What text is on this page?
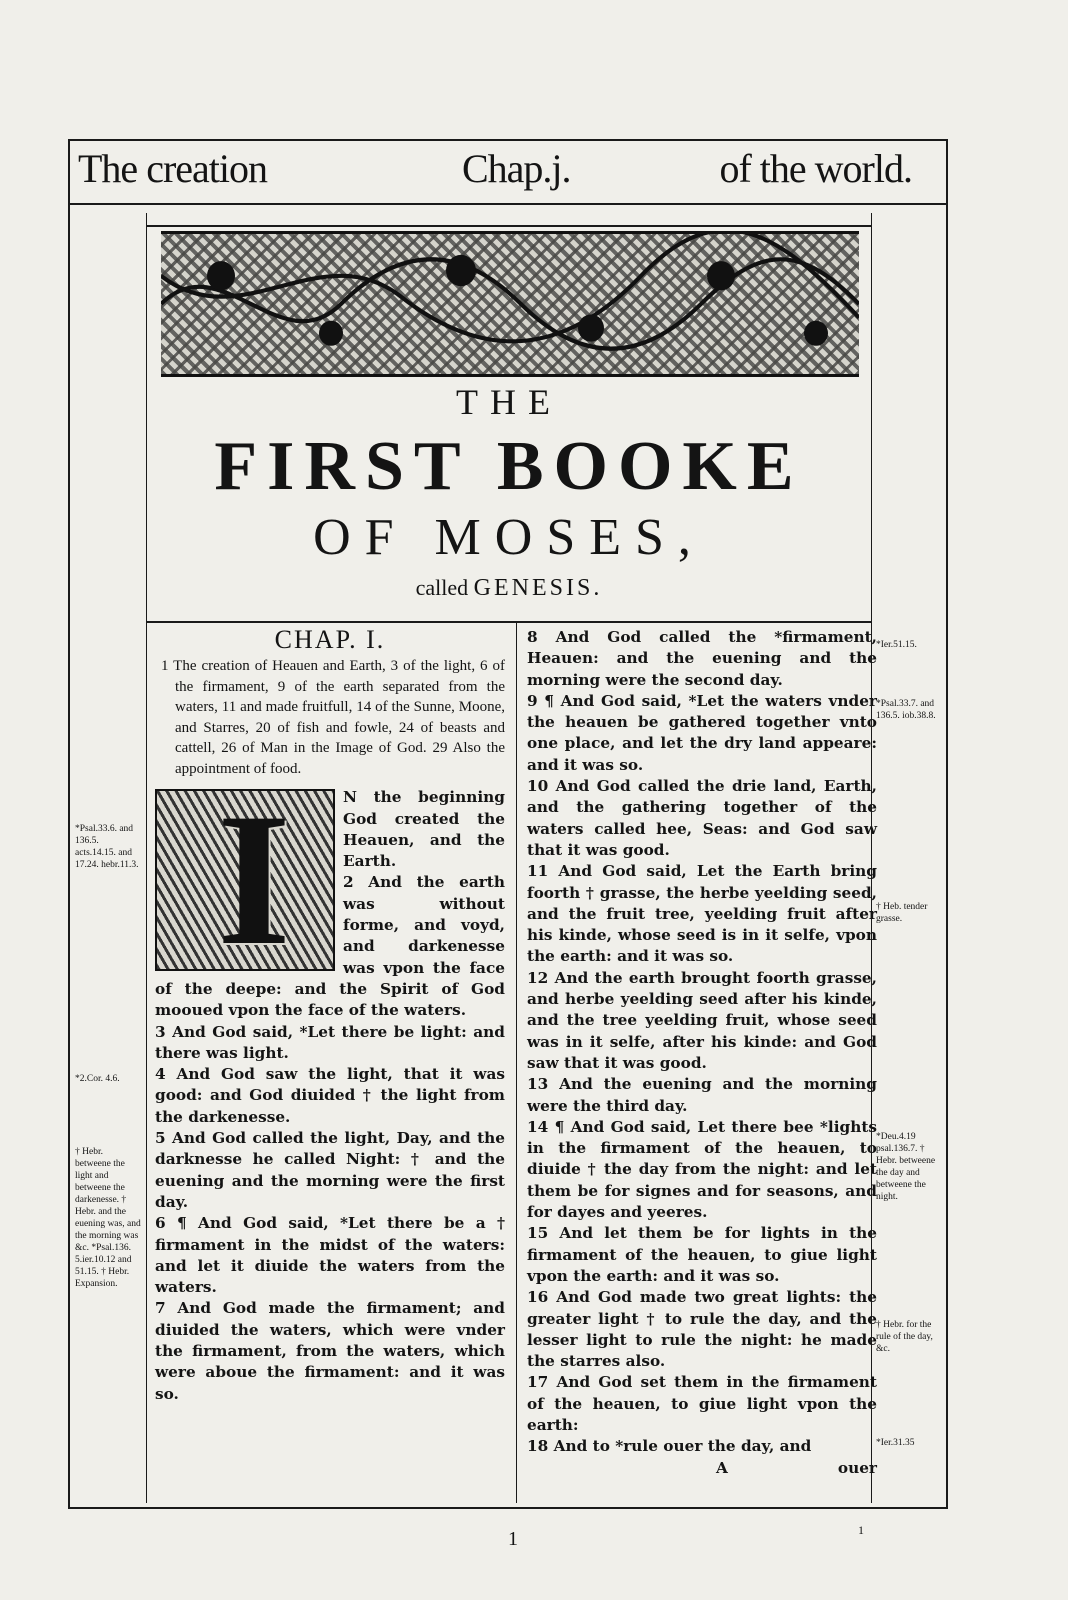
The creation	Chap.j.	of the world.
*Psal.33.6. and 136.5. acts.14.15. and 17.24. hebr.11.3.
*2.Cor. 4.6.
† Hebr. betweene the light and betweene the darkenesse. † Hebr. and the euening was, and the morning was &c. *Psal.136. 5.ier.10.12 and 51.15. † Hebr. Expansion.
*Ier.51.15.
*Psal.33.7. and 136.5. iob.38.8.
† Heb. tender grasse.
*Deu.4.19 psal.136.7. † Hebr. betweene the day and betweene the night.
† Hebr. for the rule of the day, &c.
*Ier.31.35
THE
FIRST BOOKE
OF MOSES,
called GENESIS.
CHAP. I.
1 The creation of Heauen and Earth, 3 of the light, 6 of the firmament, 9 of the earth separated from the waters, 11 and made fruitfull, 14 of the Sunne, Moone, and Starres, 20 of fish and fowle, 24 of beasts and cattell, 26 of Man in the Image of God. 29 Also the appointment of food.
I	N the beginning God created the Heauen, and the Earth.

2 And the earth was without forme, and voyd, and darkenesse was vpon the face of the deepe: and the Spirit of God mooued vpon the face of the waters.

3 And God said, *Let there be light: and there was light.

4 And God saw the light, that it was good: and God diuided † the light from the darkenesse.

5 And God called the light, Day, and the darknesse he called Night: † and the euening and the morning were the first day.

6 ¶ And God said, *Let there be a † firmament in the midst of the waters: and let it diuide the waters from the waters.

7 And God made the firmament; and diuided the waters, which were vnder the firmament, from the waters, which were aboue the firmament: and it was so.

8 And God called the *firmament, Heauen: and the euening and the morning were the second day.

9 ¶ And God said, *Let the waters vnder the heauen be gathered together vnto one place, and let the dry land appeare: and it was so.

10 And God called the drie land, Earth, and the gathering together of the waters called hee, Seas: and God saw that it was good.

11 And God said, Let the Earth bring foorth † grasse, the herbe yeelding seed, and the fruit tree, yeelding fruit after his kinde, whose seed is in it selfe, vpon the earth: and it was so.

12 And the earth brought foorth grasse, and herbe yeelding seed after his kinde, and the tree yeelding fruit, whose seed was in it selfe, after his kinde: and God saw that it was good.

13 And the euening and the morning were the third day.

14 ¶ And God said, Let there bee *lights in the firmament of the heauen, to diuide † the day from the night: and let them be for signes and for seasons, and for dayes and yeeres.

15 And let them be for lights in the firmament of the heauen, to giue light vpon the earth: and it was so.

16 And God made two great lights: the greater light † to rule the day, and the lesser light to rule the night: he made the starres also.

17 And God set them in the firmament of the heauen, to giue light vpon the earth:

18 And to *rule ouer the day, and

A	ouer

1	1
